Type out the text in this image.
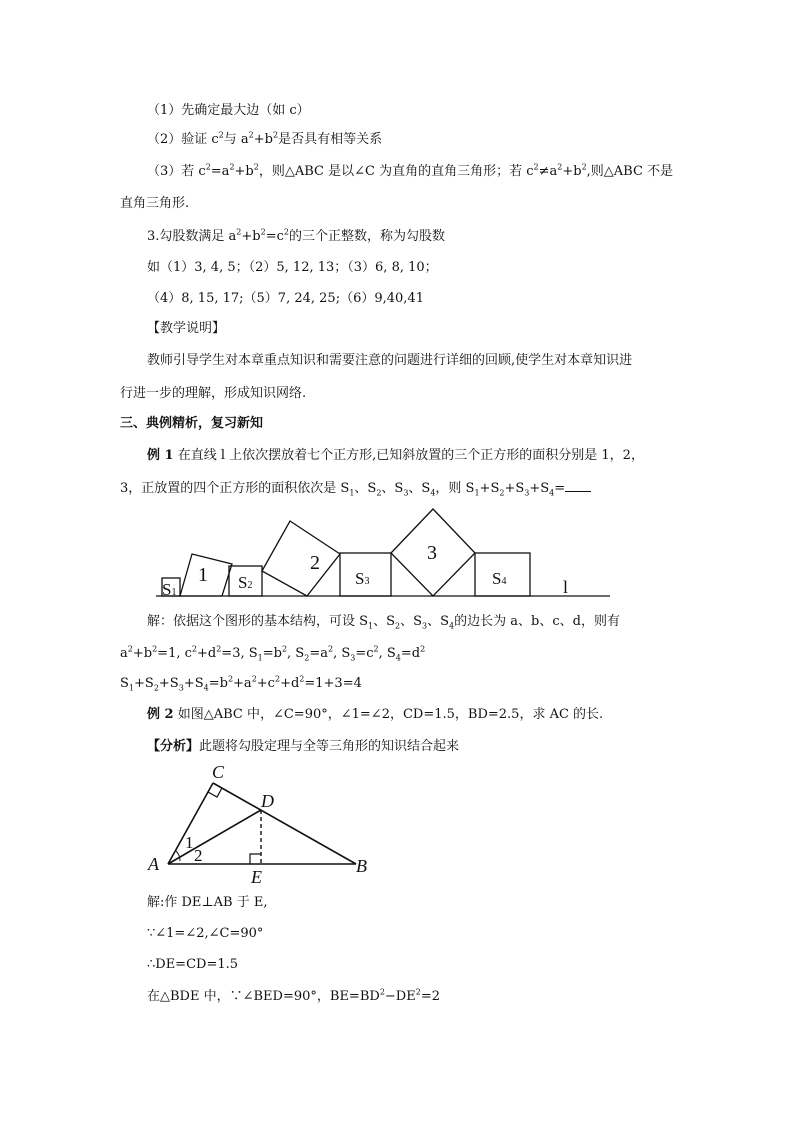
（1）先确定最大边（如 c）
（2）验证 $c^2$与 $a^2+b^2$是否具有相等关系
（3）若 $c^2=a^2+b^2$，则△ABC 是以∠C 为直角的直角三角形；若 $c^2\ne a^2+b^2$,则△ABC 不是
直角三角形.
3.勾股数满足 $a^2+b^2=c^2$的三个正整数，称为勾股数
如（1）3, 4, 5；（2）5, 12, 13；（3）6, 8, 10；
（4）8, 15, 17;（5）7, 24, 25;（6）9,40,41
【教学说明】
教师引导学生对本章重点知识和需要注意的问题进行详细的回顾,使学生对本章知识进
行进一步的理解，形成知识网络.
三、典例精析，复习新知
例 1 在直线 l 上依次摆放着七个正方形,已知斜放置的三个正方形的面积分别是 1，2，
3，正放置的四个正方形的面积依次是 $S_1$、$S_2$、$S_3$、$S_4$，则 $S_1+S_2+S_3+S_4=$
1
2	3
S1
S2	S3	S4	l
解：依据这个图形的基本结构，可设 $S_1$、$S_2$、$S_3$、$S_4$的边长为 a、b、c、d，则有
$a^2+b^2=1$, $c^2+d^2=3$, $S_1=b^2$, $S_2=a^2$, $S_3=c^2$, $S_4=d^2$
$S_1+S_2+S_3+S_4=b^2+a^2+c^2+d^2=1+3=4$
例 2 如图△ABC 中，∠C=90°，∠1=∠2，CD=1.5，BD=2.5，求 AC 的长.
【分析】此题将勾股定理与全等三角形的知识结合起来
A	B
C
D
E
1
2
解:作 DE⊥AB 于 E,
∵∠1=∠2,∠C=90°
∴DE=CD=1.5
在△BDE 中，∵∠BED=90°，$BE=BD^2-DE^2=2$
